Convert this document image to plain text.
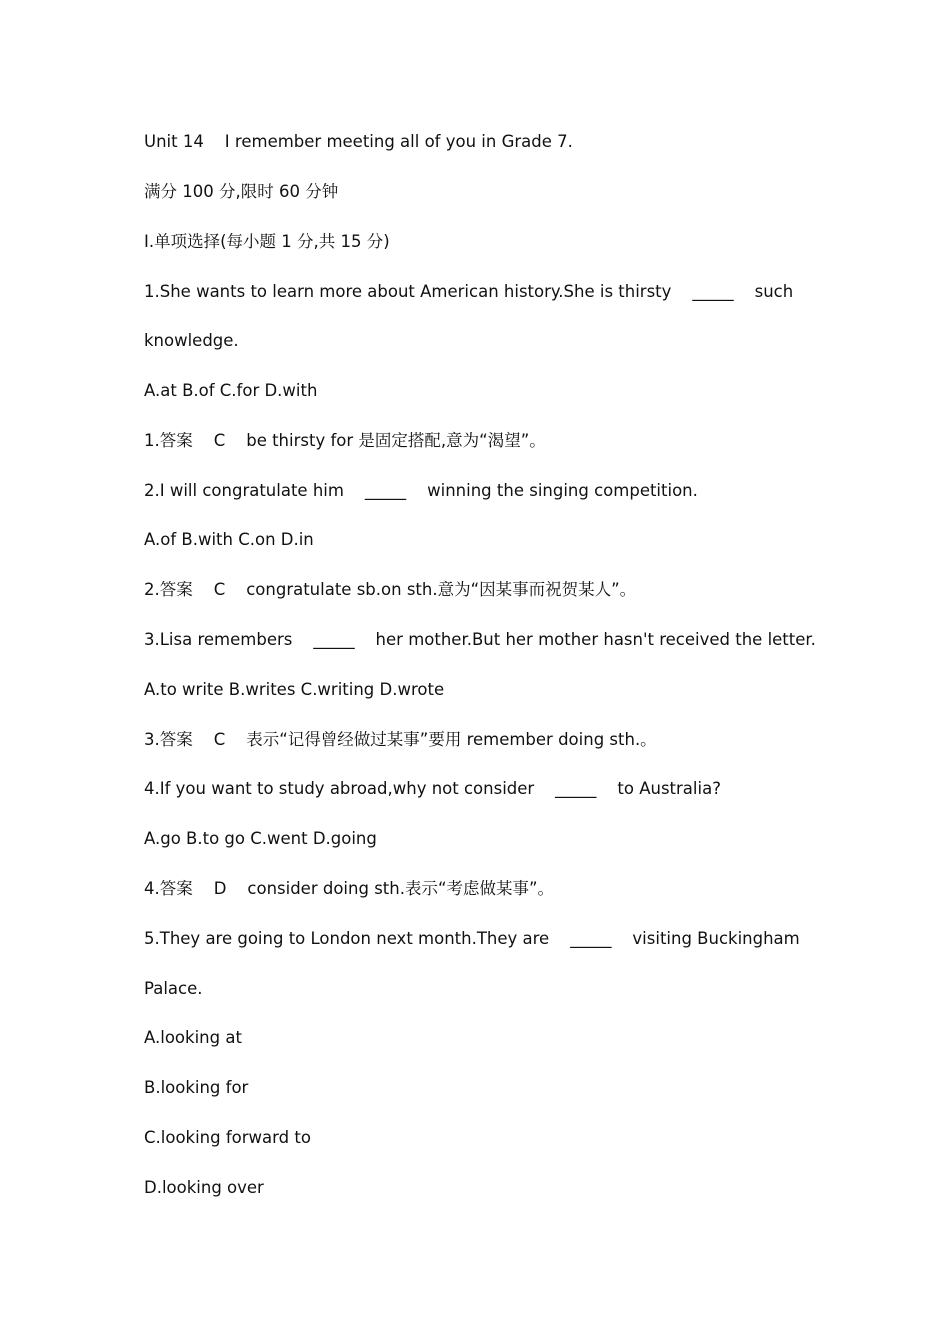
Unit 14    I remember meeting all of you in Grade 7.
满分 100 分,限时 60 分钟
Ⅰ.单项选择(每小题 1 分,共 15 分)
1.She wants to learn more about American history.She is thirsty    _____    such
knowledge.
A.at B.of C.for D.with
1.答案    C    be thirsty for 是固定搭配,意为“渴望”。
2.I will congratulate him    _____    winning the singing competition.
A.of B.with C.on D.in
2.答案    C    congratulate sb.on sth.意为“因某事而祝贺某人”。
3.Lisa remembers    _____    her mother.But her mother hasn't received the letter.
A.to write B.writes C.writing D.wrote
3.答案    C    表示“记得曾经做过某事”要用 remember doing sth.。
4.If you want to study abroad,why not consider    _____    to Australia?
A.go B.to go C.went D.going
4.答案    D    consider doing sth.表示“考虑做某事”。
5.They are going to London next month.They are    _____    visiting Buckingham
Palace.
A.looking at
B.looking for
C.looking forward to
D.looking over
